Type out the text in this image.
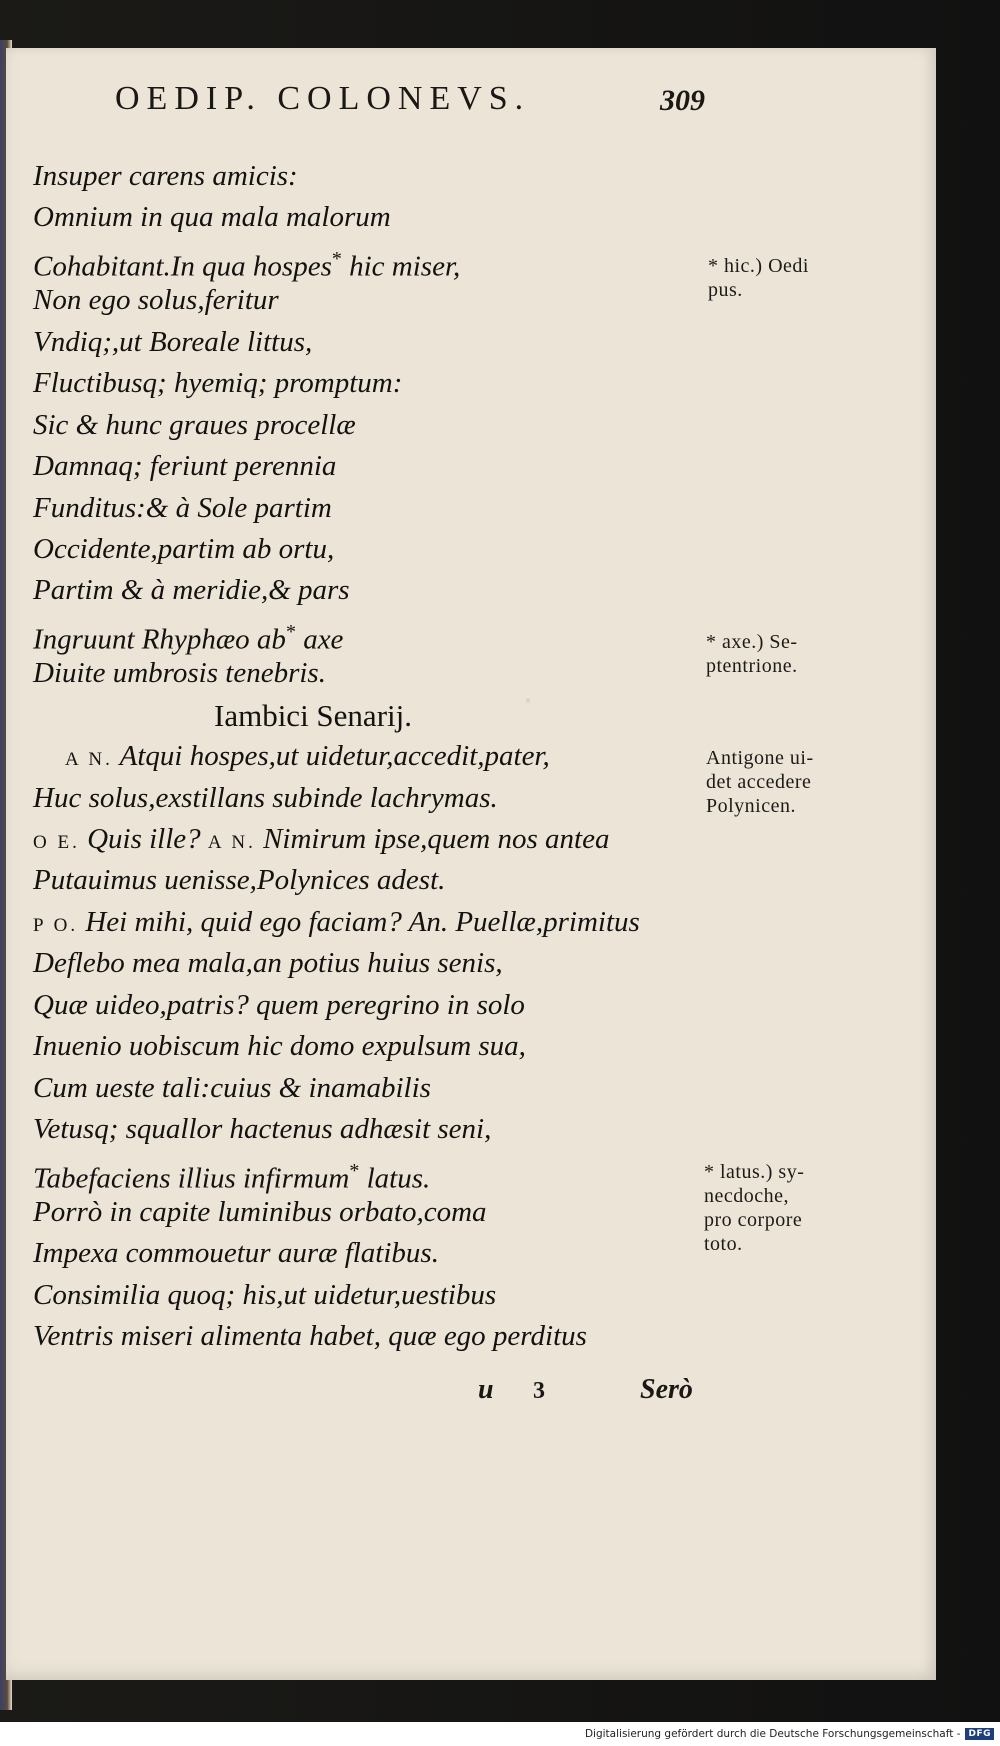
OEDIP. COLONEVS.	309
Insuper carens amicis:
Omnium in qua mala malorum
Cohabitant.In qua hospes* hic miser,
Non ego solus,feritur
Vndiq;,ut Boreale littus,
Fluctibusq; hyemiq; promptum:
Sic & hunc graues procellæ
Damnaq; feriunt perennia
Funditus:& à Sole partim
Occidente,partim ab ortu,
Partim & à meridie,& pars
Ingruunt Rhyphæo ab* axe
Diuite umbrosis tenebris.
Iambici Senarij.
A N. Atqui hospes,ut uidetur,accedit,pater,
Huc solus,exstillans subinde lachrymas.
O E. Quis ille? A N. Nimirum ipse,quem nos antea
Putauimus uenisse,Polynices adest.
P O. Hei mihi, quid ego faciam? An. Puellæ,primitus
Deflebo mea mala,an potius huius senis,
Quæ uideo,patris? quem peregrino in solo
Inuenio uobiscum hic domo expulsum sua,
Cum ueste tali:cuius & inamabilis
Vetusq; squallor hactenus adhæsit seni,
Tabefaciens illius infirmum* latus.
Porrò in capite luminibus orbato,coma
Impexa commouetur auræ flatibus.
Consimilia quoq; his,ut uidetur,uestibus
Ventris miseri alimenta habet, quæ ego perditus
* hic.) Oedi
pus.
* axe.) Se-
ptentrione.
Antigone ui-
det accedere
Polynicen.
* latus.) sy-
necdoche,
pro corpore
toto.
u 3	Serò
Digitalisierung gefördert durch die Deutsche Forschungsgemeinschaft - DFG
